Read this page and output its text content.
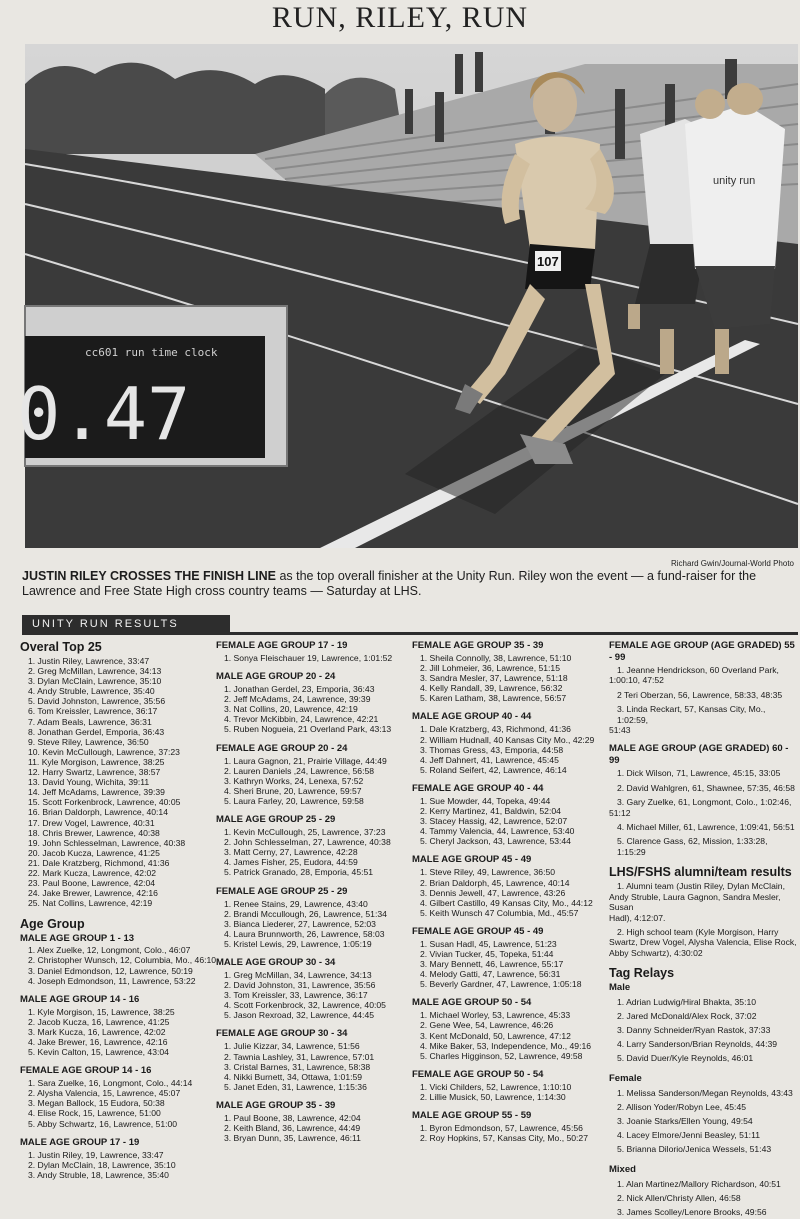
RUN, RILEY, RUN
cc601 run time clock
0.47
107
unity run
Richard Gwin/Journal-World Photo
JUSTIN RILEY CROSSES THE FINISH LINE as the top overall finisher at the Unity Run. Riley won the event — a fund-raiser for the Lawrence and Free State High cross country teams — Saturday at LHS.
UNITY RUN RESULTS
Overal Top 25
1. Justin Riley, Lawrence, 33:47
2. Greg McMillan, Lawrence, 34:13
3. Dylan McClain, Lawrence, 35:10
4. Andy Struble, Lawrence, 35:40
5. David Johnston, Lawrence, 35:56
6. Tom Kreissler, Lawrence, 36:17
7. Adam Beals, Lawrence, 36:31
8. Jonathan Gerdel, Emporia, 36:43
9. Steve Riley, Lawrence, 36:50
10. Kevin McCullough, Lawrence, 37:23
11. Kyle Morgison, Lawrence, 38:25
12. Harry Swartz, Lawrence, 38:57
13. David Young, Wichita, 39:11
14. Jeff McAdams, Lawrence, 39:39
15. Scott Forkenbrock, Lawrence, 40:05
16. Brian Daldorph, Lawrence, 40:14
17. Drew Vogel, Lawrence, 40:31
18. Chris Brewer, Lawrence, 40:38
19. John Schlesselman, Lawrence, 40:38
20. Jacob Kucza, Lawrence, 41:25
21. Dale Kratzberg, Richmond, 41:36
22. Mark Kucza, Lawrence, 42:02
23. Paul Boone, Lawrence, 42:04
24. Jake Brewer, Lawrence, 42:16
25. Nat Collins, Lawrence, 42:19
Age Group
MALE AGE GROUP 1 - 13
1. Alex Zuelke, 12, Longmont, Colo., 46:07
2. Christopher Wunsch, 12, Columbia, Mo., 46:10
3. Daniel Edmondson, 12, Lawrence, 50:19
4. Joseph Edmondson, 11, Lawrence, 53:22
MALE AGE GROUP 14 - 16
1. Kyle Morgison, 15, Lawrence, 38:25
2. Jacob Kucza, 16, Lawrence, 41:25
3. Mark Kucza, 16, Lawrence, 42:02
4. Jake Brewer, 16, Lawrence, 42:16
5. Kevin Calton, 15, Lawrence, 43:04
FEMALE AGE GROUP 14 - 16
1. Sara Zuelke, 16, Longmont, Colo., 44:14
2. Alysha Valencia, 15, Lawrence, 45:07
3. Megan Ballock, 15 Eudora, 50:38
4. Elise Rock, 15, Lawrence, 51:00
5. Abby Schwartz, 16, Lawrence, 51:00
MALE AGE GROUP 17 - 19
1. Justin Riley, 19, Lawrence, 33:47
2. Dylan McClain, 18, Lawrence, 35:10
3. Andy Struble, 18, Lawrence, 35:40
FEMALE AGE GROUP 17 - 19
1. Sonya Fleischauer 19, Lawrence, 1:01:52
MALE AGE GROUP 20 - 24
1. Jonathan Gerdel, 23, Emporia, 36:43
2. Jeff McAdams, 24, Lawrence, 39:39
3. Nat Collins, 20, Lawrence, 42:19
4. Trevor McKibbin, 24, Lawrence, 42:21
5. Ruben Nogueia, 21 Overland Park, 43:13
FEMALE AGE GROUP 20 - 24
1. Laura Gagnon, 21, Prairie Village, 44:49
2. Lauren Daniels ,24, Lawrence, 56:58
3. Kathryn Works, 24, Lenexa, 57:52
4. Sheri Brune, 20, Lawrence, 59:57
5. Laura Farley, 20, Lawrence, 59:58
MALE AGE GROUP 25 - 29
1. Kevin McCullough, 25, Lawrence, 37:23
2. John Schlesselman, 27, Lawrence, 40:38
3. Matt Cerny, 27, Lawrence, 42:28
4. James Fisher, 25, Eudora, 44:59
5. Patrick Granado, 28, Emporia, 45:51
FEMALE AGE GROUP 25 - 29
1. Renee Stains, 29, Lawrence, 43:40
2. Brandi Mccullough, 26, Lawrence, 51:34
3. Bianca Liederer, 27, Lawrence, 52:03
4. Laura Brunnworth, 26, Lawrence, 58:03
5. Kristel Lewis, 29, Lawrence, 1:05:19
MALE AGE GROUP 30 - 34
1. Greg McMillan, 34, Lawrence, 34:13
2. David Johnston, 31, Lawrence, 35:56
3. Tom Kreissler, 33, Lawrence, 36:17
4. Scott Forkenbrock, 32, Lawrence, 40:05
5. Jason Rexroad, 32, Lawrence, 44:45
FEMALE AGE GROUP 30 - 34
1. Julie Kizzar, 34, Lawrence, 51:56
2. Tawnia Lashley, 31, Lawrence, 57:01
3. Cristal Barnes, 31, Lawrence, 58:38
4. Nikki Burnett, 34, Ottawa, 1:01:59
5. Janet Eden, 31, Lawrence, 1:15:36
MALE AGE GROUP 35 - 39
1. Paul Boone, 38, Lawrence, 42:04
2. Keith Bland, 36, Lawrence, 44:49
3. Bryan Dunn, 35, Lawrence, 46:11
FEMALE AGE GROUP 35 - 39
1. Sheila Connolly, 38, Lawrence, 51:10
2. Jill Lohmeier, 36, Lawrence, 51:15
3. Sandra Mesler, 37, Lawrence, 51:18
4. Kelly Randall, 39, Lawrence, 56:32
5. Karen Latham, 38, Lawrence, 56:57
MALE AGE GROUP 40 - 44
1. Dale Kratzberg, 43, Richmond, 41:36
2. William Hudnall, 40 Kansas City Mo., 42:29
3. Thomas Gress, 43, Emporia, 44:58
4. Jeff Dahnert, 41, Lawrence, 45:45
5. Roland Seifert, 42, Lawrence, 46:14
FEMALE AGE GROUP 40 - 44
1. Sue Mowder, 44, Topeka, 49:44
2. Kerry Martinez, 41, Baldwin, 52:04
3. Stacey Hassig, 42, Lawrence, 52:07
4. Tammy Valencia, 44, Lawrence, 53:40
5. Cheryl Jackson, 43, Lawrence, 53:44
MALE AGE GROUP 45 - 49
1. Steve Riley, 49, Lawrence, 36:50
2. Brian Daldorph, 45, Lawrence, 40:14
3. Dennis Jewell, 47, Lawrence, 43:26
4. Gilbert Castillo, 49 Kansas City, Mo., 44:12
5. Keith Wunsch 47 Columbia, Md., 45:57
FEMALE AGE GROUP 45 - 49
1. Susan Hadl, 45, Lawrence, 51:23
2. Vivian Tucker, 45, Topeka, 51:44
3. Mary Bennett, 46, Lawrence, 55:17
4. Melody Gatti, 47, Lawrence, 56:31
5. Beverly Gardner, 47, Lawrence, 1:05:18
MALE AGE GROUP 50 - 54
1. Michael Worley, 53, Lawrence, 45:33
2. Gene Wee, 54, Lawrence, 46:26
3. Kent McDonald, 50, Lawrence, 47:12
4. Mike Baker, 53, Independence, Mo., 49:16
5. Charles Higginson, 52, Lawrence, 49:58
FEMALE AGE GROUP 50 - 54
1. Vicki Childers, 52, Lawrence, 1:10:10
2. Lillie Musick, 50, Lawrence, 1:14:30
MALE AGE GROUP 55 - 59
1. Byron Edmondson, 57, Lawrence, 45:56
2. Roy Hopkins, 57, Kansas City, Mo., 50:27
FEMALE AGE GROUP (AGE GRADED) 55 - 99
1. Jeanne Hendrickson, 60 Overland Park,
1:00:10, 47:52
2 Teri Oberzan, 56, Lawrence, 58:33, 48:35
3. Linda Reckart, 57, Kansas City, Mo., 1:02:59,
51:43
MALE AGE GROUP (AGE GRADED) 60 - 99
1. Dick Wilson, 71, Lawrence, 45:15, 33:05
2. David Wahlgren, 61, Shawnee, 57:35, 46:58
3. Gary Zuelke, 61, Longmont, Colo., 1:02:46,
51:12
4. Michael Miller, 61, Lawrence, 1:09:41, 56:51
5. Clarence Gass, 62, Mission, 1:33:28, 1:15:29
LHS/FSHS alumni/team results
1. Alumni team (Justin Riley, Dylan McClain,
Andy Struble, Laura Gagnon, Sandra Mesler, Susan
Hadl), 4:12:07.
2. High school team (Kyle Morgison, Harry
Swartz, Drew Vogel, Alysha Valencia, Elise Rock,
Abby Schwartz), 4:30:02
Tag Relays
Male
1. Adrian Ludwig/Hiral Bhakta, 35:10
2. Jared McDonald/Alex Rock, 37:02
3. Danny Schneider/Ryan Rastok, 37:33
4. Larry Sanderson/Brian Reynolds, 44:39
5. David Duer/Kyle Reynolds, 46:01
Female
1. Melissa Sanderson/Megan Reynolds, 43:43
2. Allison Yoder/Robyn Lee, 45:45
3. Joanie Starks/Ellen Young, 49:54
4. Lacey Elmore/Jenni Beasley, 51:11
5. Brianna Dilorio/Jenica Wessels, 51:43
Mixed
1. Alan Martinez/Mallory Richardson, 40:51
2. Nick Allen/Christy Allen, 46:58
3. James Scolley/Lenore Brooks, 49:56
